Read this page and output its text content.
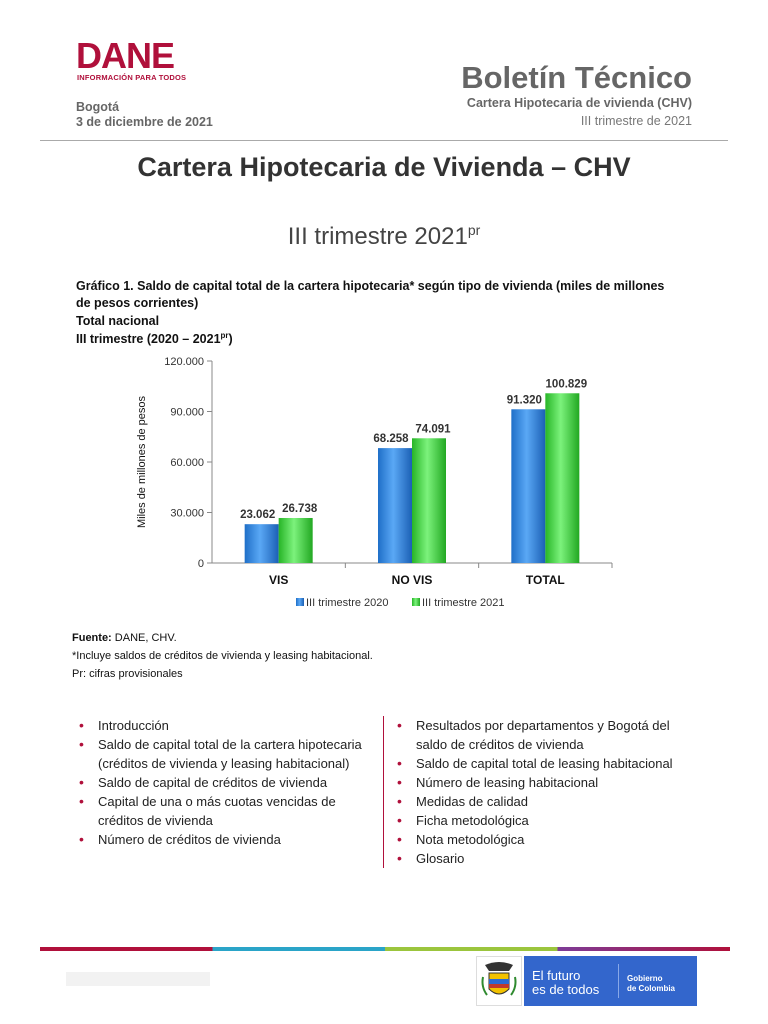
DANE
INFORMACIÓN PARA TODOS
Bogotá
3 de diciembre de 2021
Boletín Técnico
Cartera Hipotecaria de vivienda (CHV)
III trimestre de 2021
Cartera Hipotecaria de Vivienda – CHV
III trimestre $2021^{pr}$
Gráfico 1. Saldo de capital total de la cartera hipotecaria* según tipo de vivienda (miles de millones
de pesos corrientes)
Total nacional
III trimestre $(2020 - 2021^{pr})$
0
30.000
60.000
90.000
120.000
Miles de millones de pesos	23.062
26.738
VIS
68.258
74.091
NO VIS
91.320
100.829
TOTAL
III trimestre 2020	III trimestre 2021
Fuente: DANE, CHV.
*Incluye saldos de créditos de vivienda y leasing habitacional.
Pr: cifras provisionales
• Introducción
• Saldo de capital total de la cartera hipotecaria (créditos de vivienda y leasing habitacional)
• Saldo de capital de créditos de vivienda
• Capital de una o más cuotas vencidas de créditos de vivienda
• Número de créditos de vivienda
• Resultados por departamentos y Bogotá del saldo de créditos de vivienda
• Saldo de capital total de leasing habitacional
• Número de leasing habitacional
• Medidas de calidad
• Ficha metodológica
• Nota metodológica
• Glosario
El futuro
es de todos
Gobierno
de Colombia
